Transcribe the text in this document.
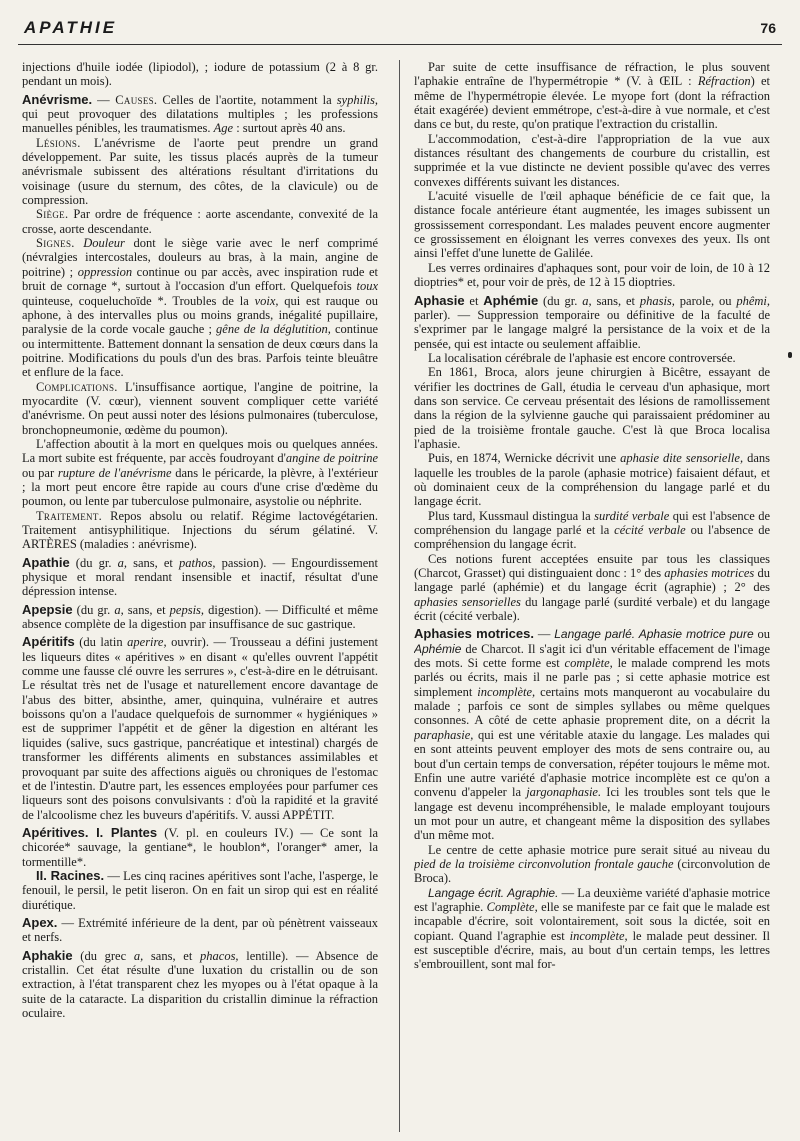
APATHIE	76

injections d'huile iodée (lipiodol), ; iodure de potassium (2 à 8 gr. pendant un mois).

Anévrisme. — Causes. Celles de l'aortite, notamment la syphilis, qui peut provoquer des dilatations multiples ; les professions manuelles pénibles, les traumatismes. Age : surtout après 40 ans.

Lésions. L'anévrisme de l'aorte peut prendre un grand développement. Par suite, les tissus placés auprès de la tumeur anévrismale subissent des altérations résultant d'irritations du voisinage (usure du sternum, des côtes, de la clavicule) ou de compression.

Siège. Par ordre de fréquence : aorte ascendante, convexité de la crosse, aorte descendante.

Signes. Douleur dont le siège varie avec le nerf comprimé (névralgies intercostales, douleurs au bras, à la main, angine de poitrine) ; oppression continue ou par accès, avec inspiration rude et bruit de cornage *, surtout à l'occasion d'un effort. Quelquefois toux quinteuse, coqueluchoïde *. Troubles de la voix, qui est rauque ou aphone, à des intervalles plus ou moins grands, inégalité pupillaire, paralysie de la corde vocale gauche ; gêne de la déglutition, continue ou intermittente. Battement donnant la sensation de deux cœurs dans la poitrine. Modifications du pouls d'un des bras. Parfois teinte bleuâtre et enflure de la face.

Complications. L'insuffisance aortique, l'angine de poitrine, la myocardite (V. cœur), viennent souvent compliquer cette variété d'anévrisme. On peut aussi noter des lésions pulmonaires (tuberculose, bronchopneumonie, œdème du poumon).

L'affection aboutit à la mort en quelques mois ou quelques années. La mort subite est fréquente, par accès foudroyant d'angine de poitrine ou par rupture de l'anévrisme dans le péricarde, la plèvre, à l'extérieur ; la mort peut encore être rapide au cours d'une crise d'œdème du poumon, ou lente par tuberculose pulmonaire, asystolie ou néphrite.

Traitement. Repos absolu ou relatif. Régime lactovégétarien. Traitement antisyphilitique. Injections du sérum gélatiné. V. ARTÈRES (maladies : anévrisme).

Apathie (du gr. a, sans, et pathos, passion). — Engourdissement physique et moral rendant insensible et inactif, résultat d'une dépression intense.

Apepsie (du gr. a, sans, et pepsis, digestion). — Difficulté et même absence complète de la digestion par insuffisance de suc gastrique.

Apéritifs (du latin aperire, ouvrir). — Trousseau a défini justement les liqueurs dites « apéritives » en disant « qu'elles ouvrent l'appétit comme une fausse clé ouvre les serrures », c'est-à-dire en le détruisant. Le résultat très net de l'usage et naturellement encore davantage de l'abus des bitter, absinthe, amer, quinquina, vulnéraire et autres boissons qu'on a l'audace quelquefois de surnommer « hygiéniques » est de supprimer l'appétit et de gêner la digestion en altérant les liquides (salive, sucs gastrique, pancréatique et intestinal) chargés de transformer les différents aliments en substances assimilables et provoquant par suite des affections aiguës ou chroniques de l'estomac et de l'intestin. D'autre part, les essences employées pour parfumer ces liqueurs sont des poisons convulsivants : d'où la rapidité et la gravité de l'alcoolisme chez les buveurs d'apéritifs. V. aussi APPÉTIT.

Apéritives. I. Plantes (V. pl. en couleurs IV.) — Ce sont la chicorée* sauvage, la gentiane*, le houblon*, l'oranger* amer, la tormentille*.

II. Racines. — Les cinq racines apéritives sont l'ache, l'asperge, le fenouil, le persil, le petit liseron. On en fait un sirop qui est en réalité diurétique.

Apex. — Extrémité inférieure de la dent, par où pénètrent vaisseaux et nerfs.

Aphakie (du grec a, sans, et phacos, lentille). — Absence de cristallin. Cet état résulte d'une luxation du cristallin ou de son extraction, à l'état transparent chez les myopes ou à l'état opaque à la suite de la cataracte. La disparition du cristallin diminue la réfraction oculaire.

Par suite de cette insuffisance de réfraction, le plus souvent l'aphakie entraîne de l'hypermétropie * (V. à ŒIL : Réfraction) et même de l'hypermétropie élevée. Le myope fort (dont la réfraction était exagérée) devient emmétrope, c'est-à-dire à vue normale, et c'est dans ce but, du reste, qu'on pratique l'extraction du cristallin.

L'accommodation, c'est-à-dire l'appropriation de la vue aux distances résultant des changements de courbure du cristallin, est supprimée et la vue distincte ne devient possible qu'avec des verres convexes différents suivant les distances.

L'acuité visuelle de l'œil aphaque bénéficie de ce fait que, la distance focale antérieure étant augmentée, les images subissent un grossissement correspondant. Les malades peuvent encore augmenter ce grossissement en éloignant les verres convexes des yeux. Ils ont ainsi l'effet d'une lunette de Galilée.

Les verres ordinaires d'aphaques sont, pour voir de loin, de 10 à 12 dioptries* et, pour voir de près, de 12 à 15 dioptries.

Aphasie et Aphémie (du gr. a, sans, et phasis, parole, ou phêmi, parler). — Suppression temporaire ou définitive de la faculté de s'exprimer par le langage malgré la persistance de la voix et de la pensée, qui est intacte ou seulement affaiblie.

La localisation cérébrale de l'aphasie est encore controversée.

En 1861, Broca, alors jeune chirurgien à Bicêtre, essayant de vérifier les doctrines de Gall, étudia le cerveau d'un aphasique, mort dans son service. Ce cerveau présentait des lésions de ramollissement dans la région de la sylvienne gauche qui paraissaient prédominer au pied de la troisième frontale gauche. C'est là que Broca localisa l'aphasie.

Puis, en 1874, Wernicke décrivit une aphasie dite sensorielle, dans laquelle les troubles de la parole (aphasie motrice) faisaient défaut, et où dominaient ceux de la compréhension du langage parlé et du langage écrit.

Plus tard, Kussmaul distingua la surdité verbale qui est l'absence de compréhension du langage parlé et la cécité verbale ou l'absence de compréhension du langage écrit.

Ces notions furent acceptées ensuite par tous les classiques (Charcot, Grasset) qui distinguaient donc : 1° des aphasies motrices du langage parlé (aphémie) et du langage écrit (agraphie) ; 2° des aphasies sensorielles du langage parlé (surdité verbale) et du langage écrit (cécité verbale).

Aphasies motrices. — Langage parlé. Aphasie motrice pure ou Aphémie de Charcot. Il s'agit ici d'un véritable effacement de l'image des mots. Si cette forme est complète, le malade comprend les mots parlés ou écrits, mais il ne parle pas ; si cette aphasie motrice est simplement incomplète, certains mots manqueront au vocabulaire du malade ; parfois ce sont de simples syllabes ou même quelques consonnes. A côté de cette aphasie proprement dite, on a décrit la paraphasie, qui est une véritable ataxie du langage. Les malades qui en sont atteints peuvent employer des mots de sens contraire ou, au bout d'un certain temps de conversation, répéter toujours le même mot. Enfin une autre variété d'aphasie motrice incomplète est ce qu'on a convenu d'appeler la jargonaphasie. Ici les troubles sont tels que le langage est devenu incompréhensible, le malade employant toujours un mot pour un autre, et changeant même la disposition des syllabes d'un même mot.

Le centre de cette aphasie motrice pure serait situé au niveau du pied de la troisième circonvolution frontale gauche (circonvolution de Broca).

Langage écrit. Agraphie. — La deuxième variété d'aphasie motrice est l'agraphie. Complète, elle se manifeste par ce fait que le malade est incapable d'écrire, soit volontairement, soit sous la dictée, soit en copiant. Quand l'agraphie est incomplète, le malade peut dessiner. Il est susceptible d'écrire, mais, au bout d'un certain temps, les lettres s'embrouillent, sont mal for-
